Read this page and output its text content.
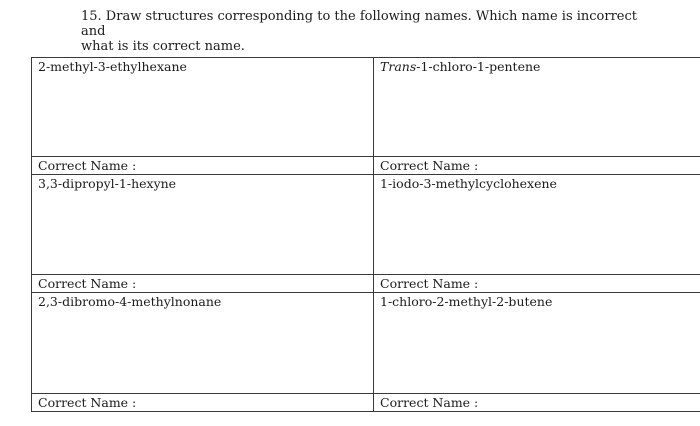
15. Draw structures corresponding to the following names. Which name is incorrect and
what is its correct name.
2-methyl-3-ethylhexane	Trans-1-chloro-1-pentene
Correct Name :	Correct Name :
3,3-dipropyl-1-hexyne	1-iodo-3-methylcyclohexene
Correct Name :	Correct Name :
2,3-dibromo-4-methylnonane	1-chloro-2-methyl-2-butene
Correct Name :	Correct Name :
